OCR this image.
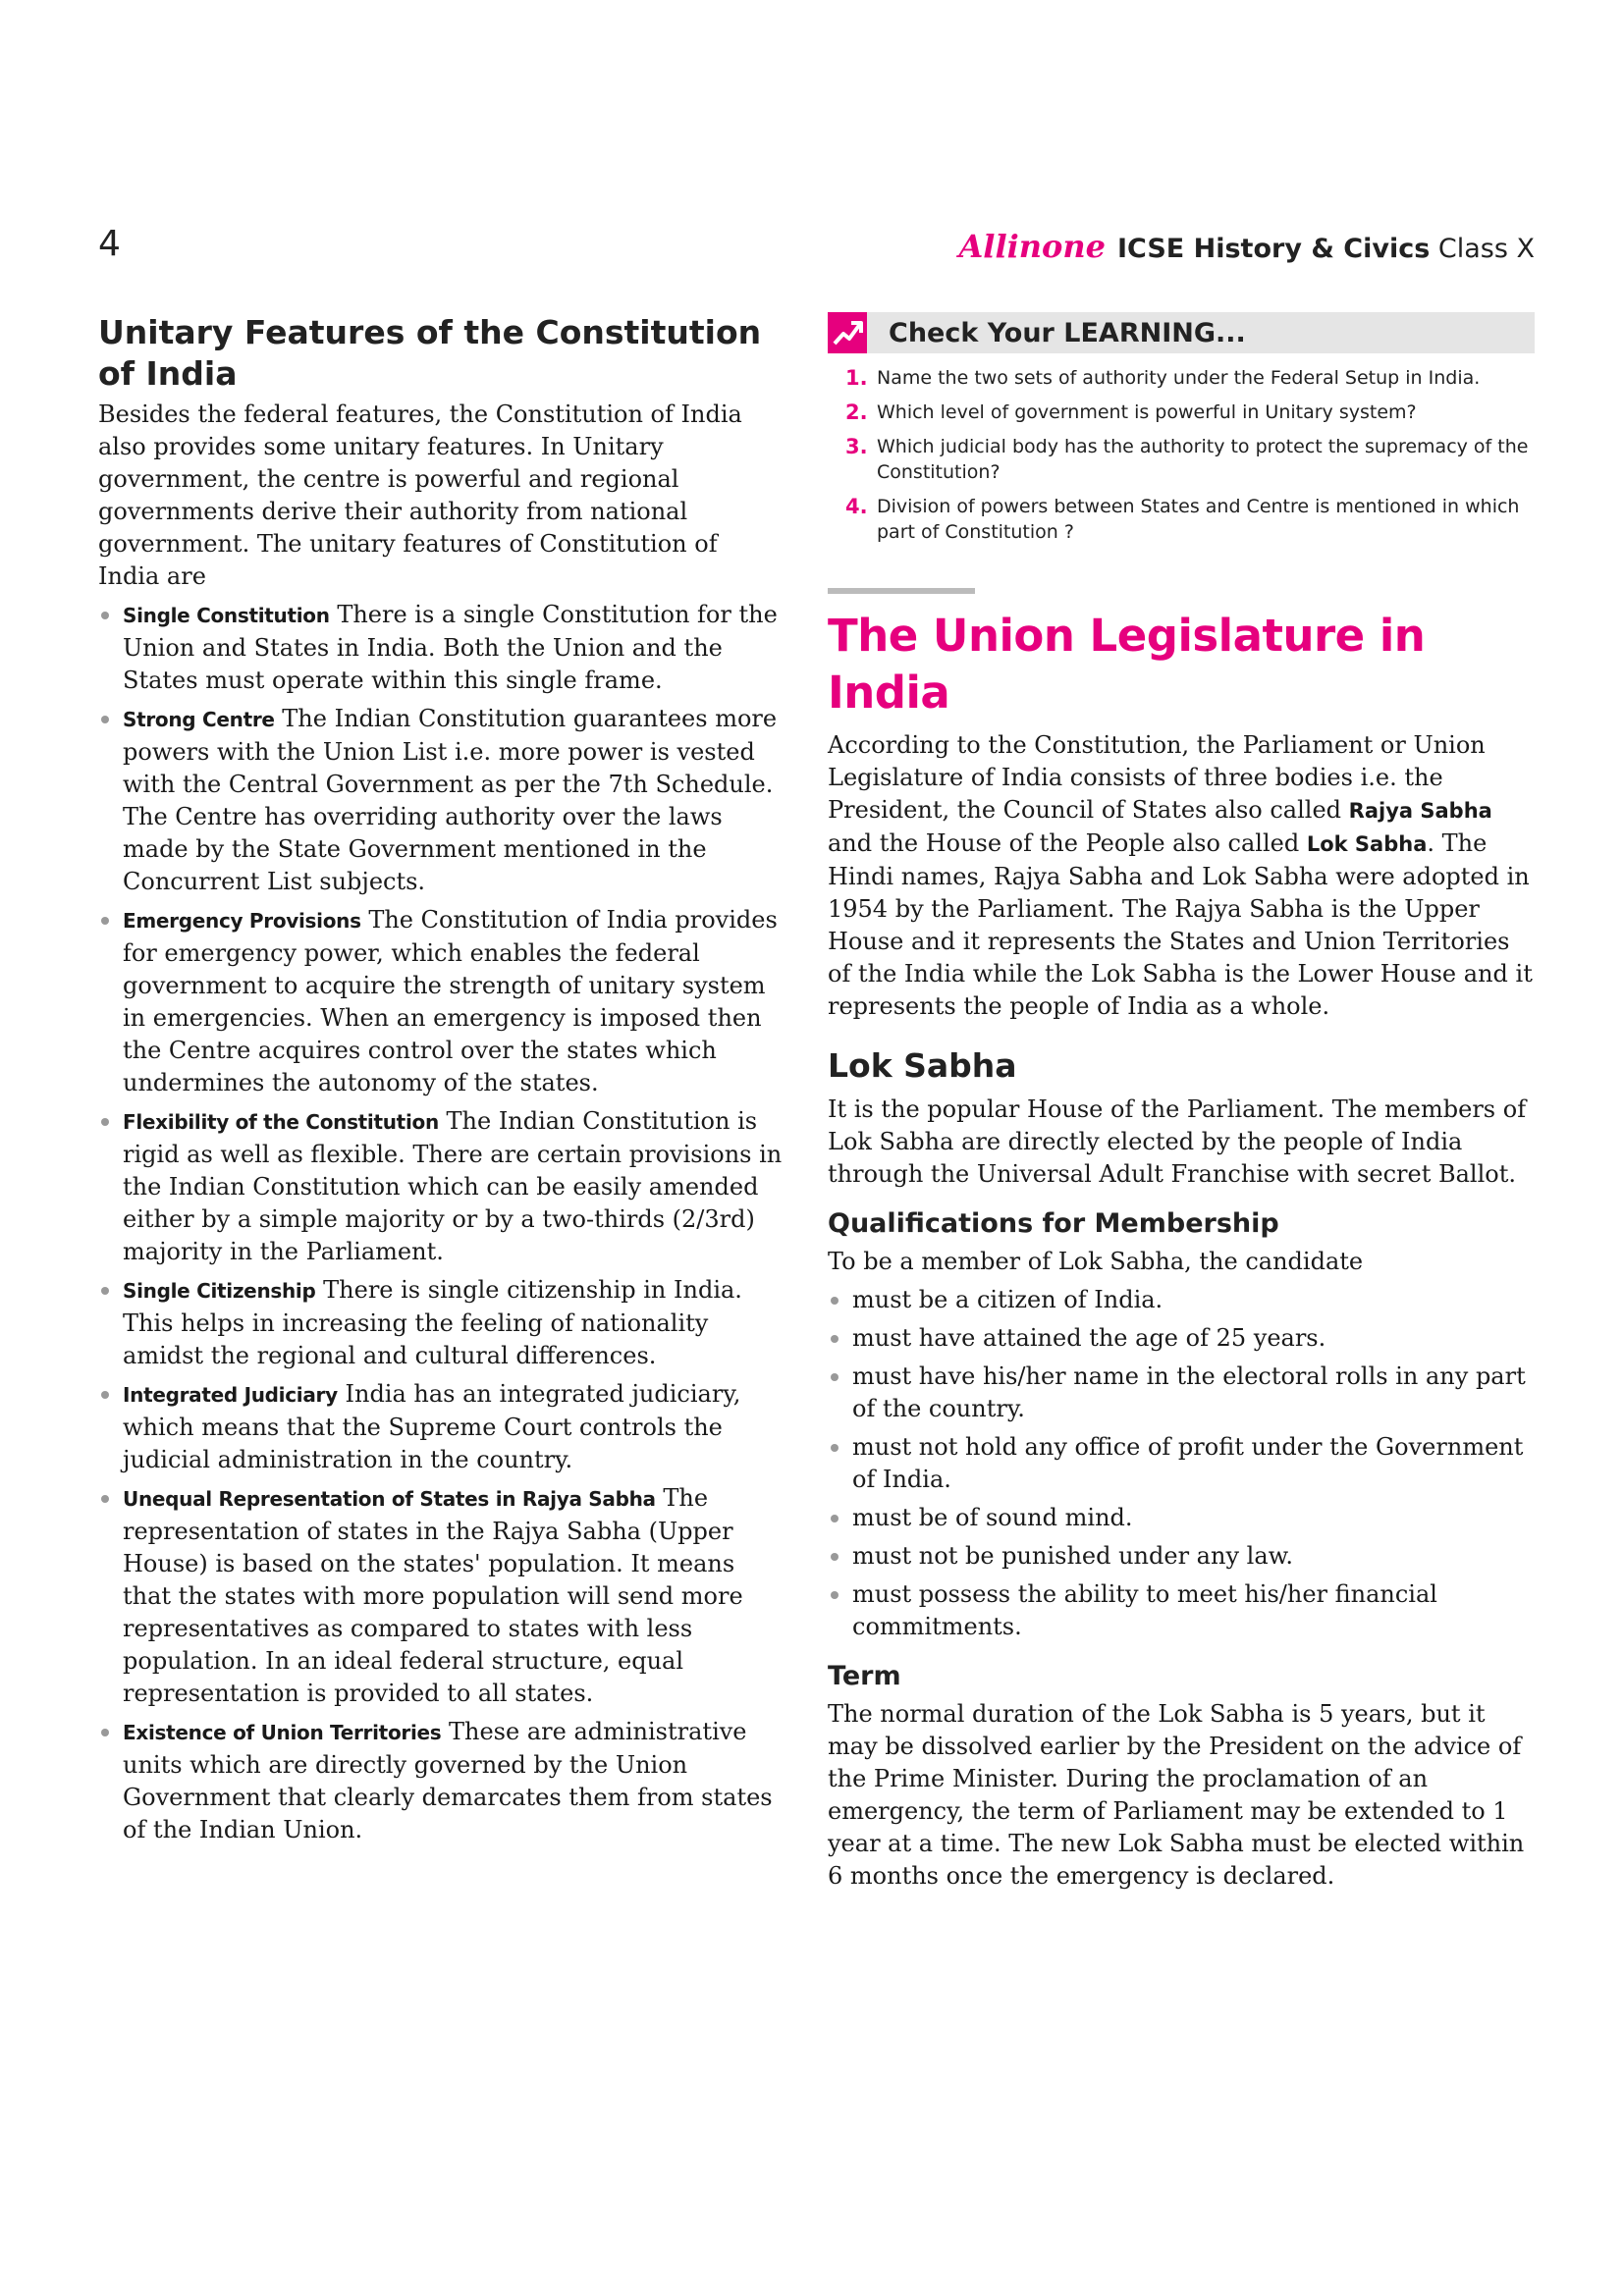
4	Allinone ICSE History & Civics Class X
Unitary Features of the Constitution of India

Besides the federal features, the Constitution of India also provides some unitary features. In Unitary government, the centre is powerful and regional governments derive their authority from national government. The unitary features of Constitution of India are

Single Constitution There is a single Constitution for the Union and States in India. Both the Union and the States must operate within this single frame.
Strong Centre The Indian Constitution guarantees more powers with the Union List i.e. more power is vested with the Central Government as per the 7th Schedule. The Centre has overriding authority over the laws made by the State Government mentioned in the Concurrent List subjects.
Emergency Provisions The Constitution of India provides for emergency power, which enables the federal government to acquire the strength of unitary system in emergencies. When an emergency is imposed then the Centre acquires control over the states which undermines the autonomy of the states.
Flexibility of the Constitution The Indian Constitution is rigid as well as flexible. There are certain provisions in the Indian Constitution which can be easily amended either by a simple majority or by a two-thirds (2/3rd) majority in the Parliament.
Single Citizenship There is single citizenship in India. This helps in increasing the feeling of nationality amidst the regional and cultural differences.
Integrated Judiciary India has an integrated judiciary, which means that the Supreme Court controls the judicial administration in the country.
Unequal Representation of States in Rajya Sabha The representation of states in the Rajya Sabha (Upper House) is based on the states' population. It means that the states with more population will send more representatives as compared to states with less population. In an ideal federal structure, equal representation is provided to all states.
Existence of Union Territories These are administrative units which are directly governed by the Union Government that clearly demarcates them from states of the Indian Union.
Check Your LEARNING...
1. Name the two sets of authority under the Federal Setup in India.
2. Which level of government is powerful in Unitary system?
3. Which judicial body has the authority to protect the supremacy of the Constitution?
4. Division of powers between States and Centre is mentioned in which part of Constitution ?
The Union Legislature in India

According to the Constitution, the Parliament or Union Legislature of India consists of three bodies i.e. the President, the Council of States also called Rajya Sabha and the House of the People also called Lok Sabha. The Hindi names, Rajya Sabha and Lok Sabha were adopted in 1954 by the Parliament. The Rajya Sabha is the Upper House and it represents the States and Union Territories of the India while the Lok Sabha is the Lower House and it represents the people of India as a whole.

Lok Sabha

It is the popular House of the Parliament. The members of Lok Sabha are directly elected by the people of India through the Universal Adult Franchise with secret Ballot.

Qualifications for Membership

To be a member of Lok Sabha, the candidate

must be a citizen of India.
must have attained the age of 25 years.
must have his/her name in the electoral rolls in any part of the country.
must not hold any office of profit under the Government of India.
must be of sound mind.
must not be punished under any law.
must possess the ability to meet his/her financial commitments.
Term

The normal duration of the Lok Sabha is 5 years, but it may be dissolved earlier by the President on the advice of the Prime Minister. During the proclamation of an emergency, the term of Parliament may be extended to 1 year at a time. The new Lok Sabha must be elected within 6 months once the emergency is declared.
